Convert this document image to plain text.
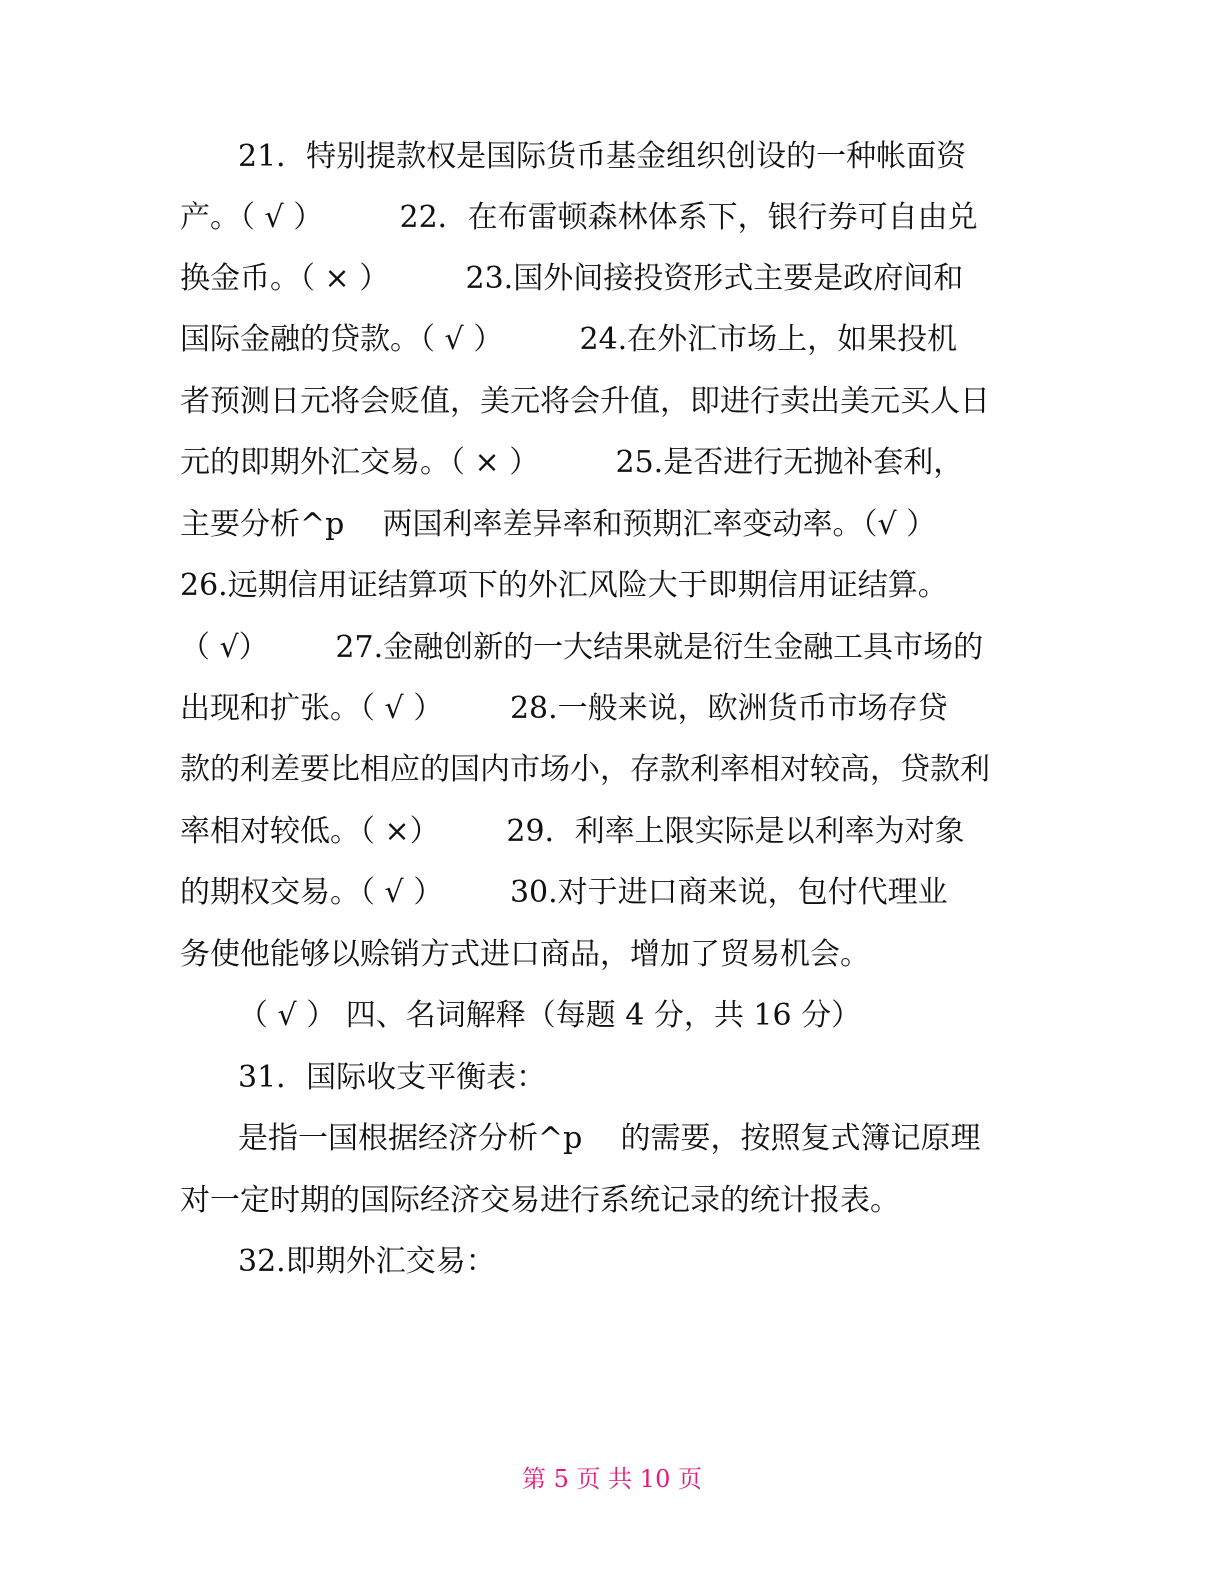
21．特别提款权是国际货币基金组织创设的一种帐面资
产。（ √ ）        22．在布雷顿森林体系下，银行券可自由兑
换金币。（ × ）        23.国外间接投资形式主要是政府间和
国际金融的贷款。（ √ ）        24.在外汇市场上，如果投机
者预测日元将会贬值，美元将会升值，即进行卖出美元买人日
元的即期外汇交易。（ × ）        25.是否进行无抛补套利，
主要分析^p    两国利率差异率和预期汇率变动率。（√ ）
26.远期信用证结算项下的外汇风险大于即期信用证结算。
（ √）       27.金融创新的一大结果就是衍生金融工具市场的
出现和扩张。（ √ ）       28.一般来说，欧洲货币市场存贷
款的利差要比相应的国内市场小，存款利率相对较高，贷款利
率相对较低。（ ×）       29．利率上限实际是以利率为对象
的期权交易。（ √ ）       30.对于进口商来说，包付代理业
务使他能够以赊销方式进口商品，增加了贸易机会。
（ √ ） 四、名词解释（每题 4 分，共 16 分）
31．国际收支平衡表：
是指一国根据经济分析^p    的需要，按照复式簿记原理
对一定时期的国际经济交易进行系统记录的统计报表。
32.即期外汇交易：
第 5 页 共 10 页
